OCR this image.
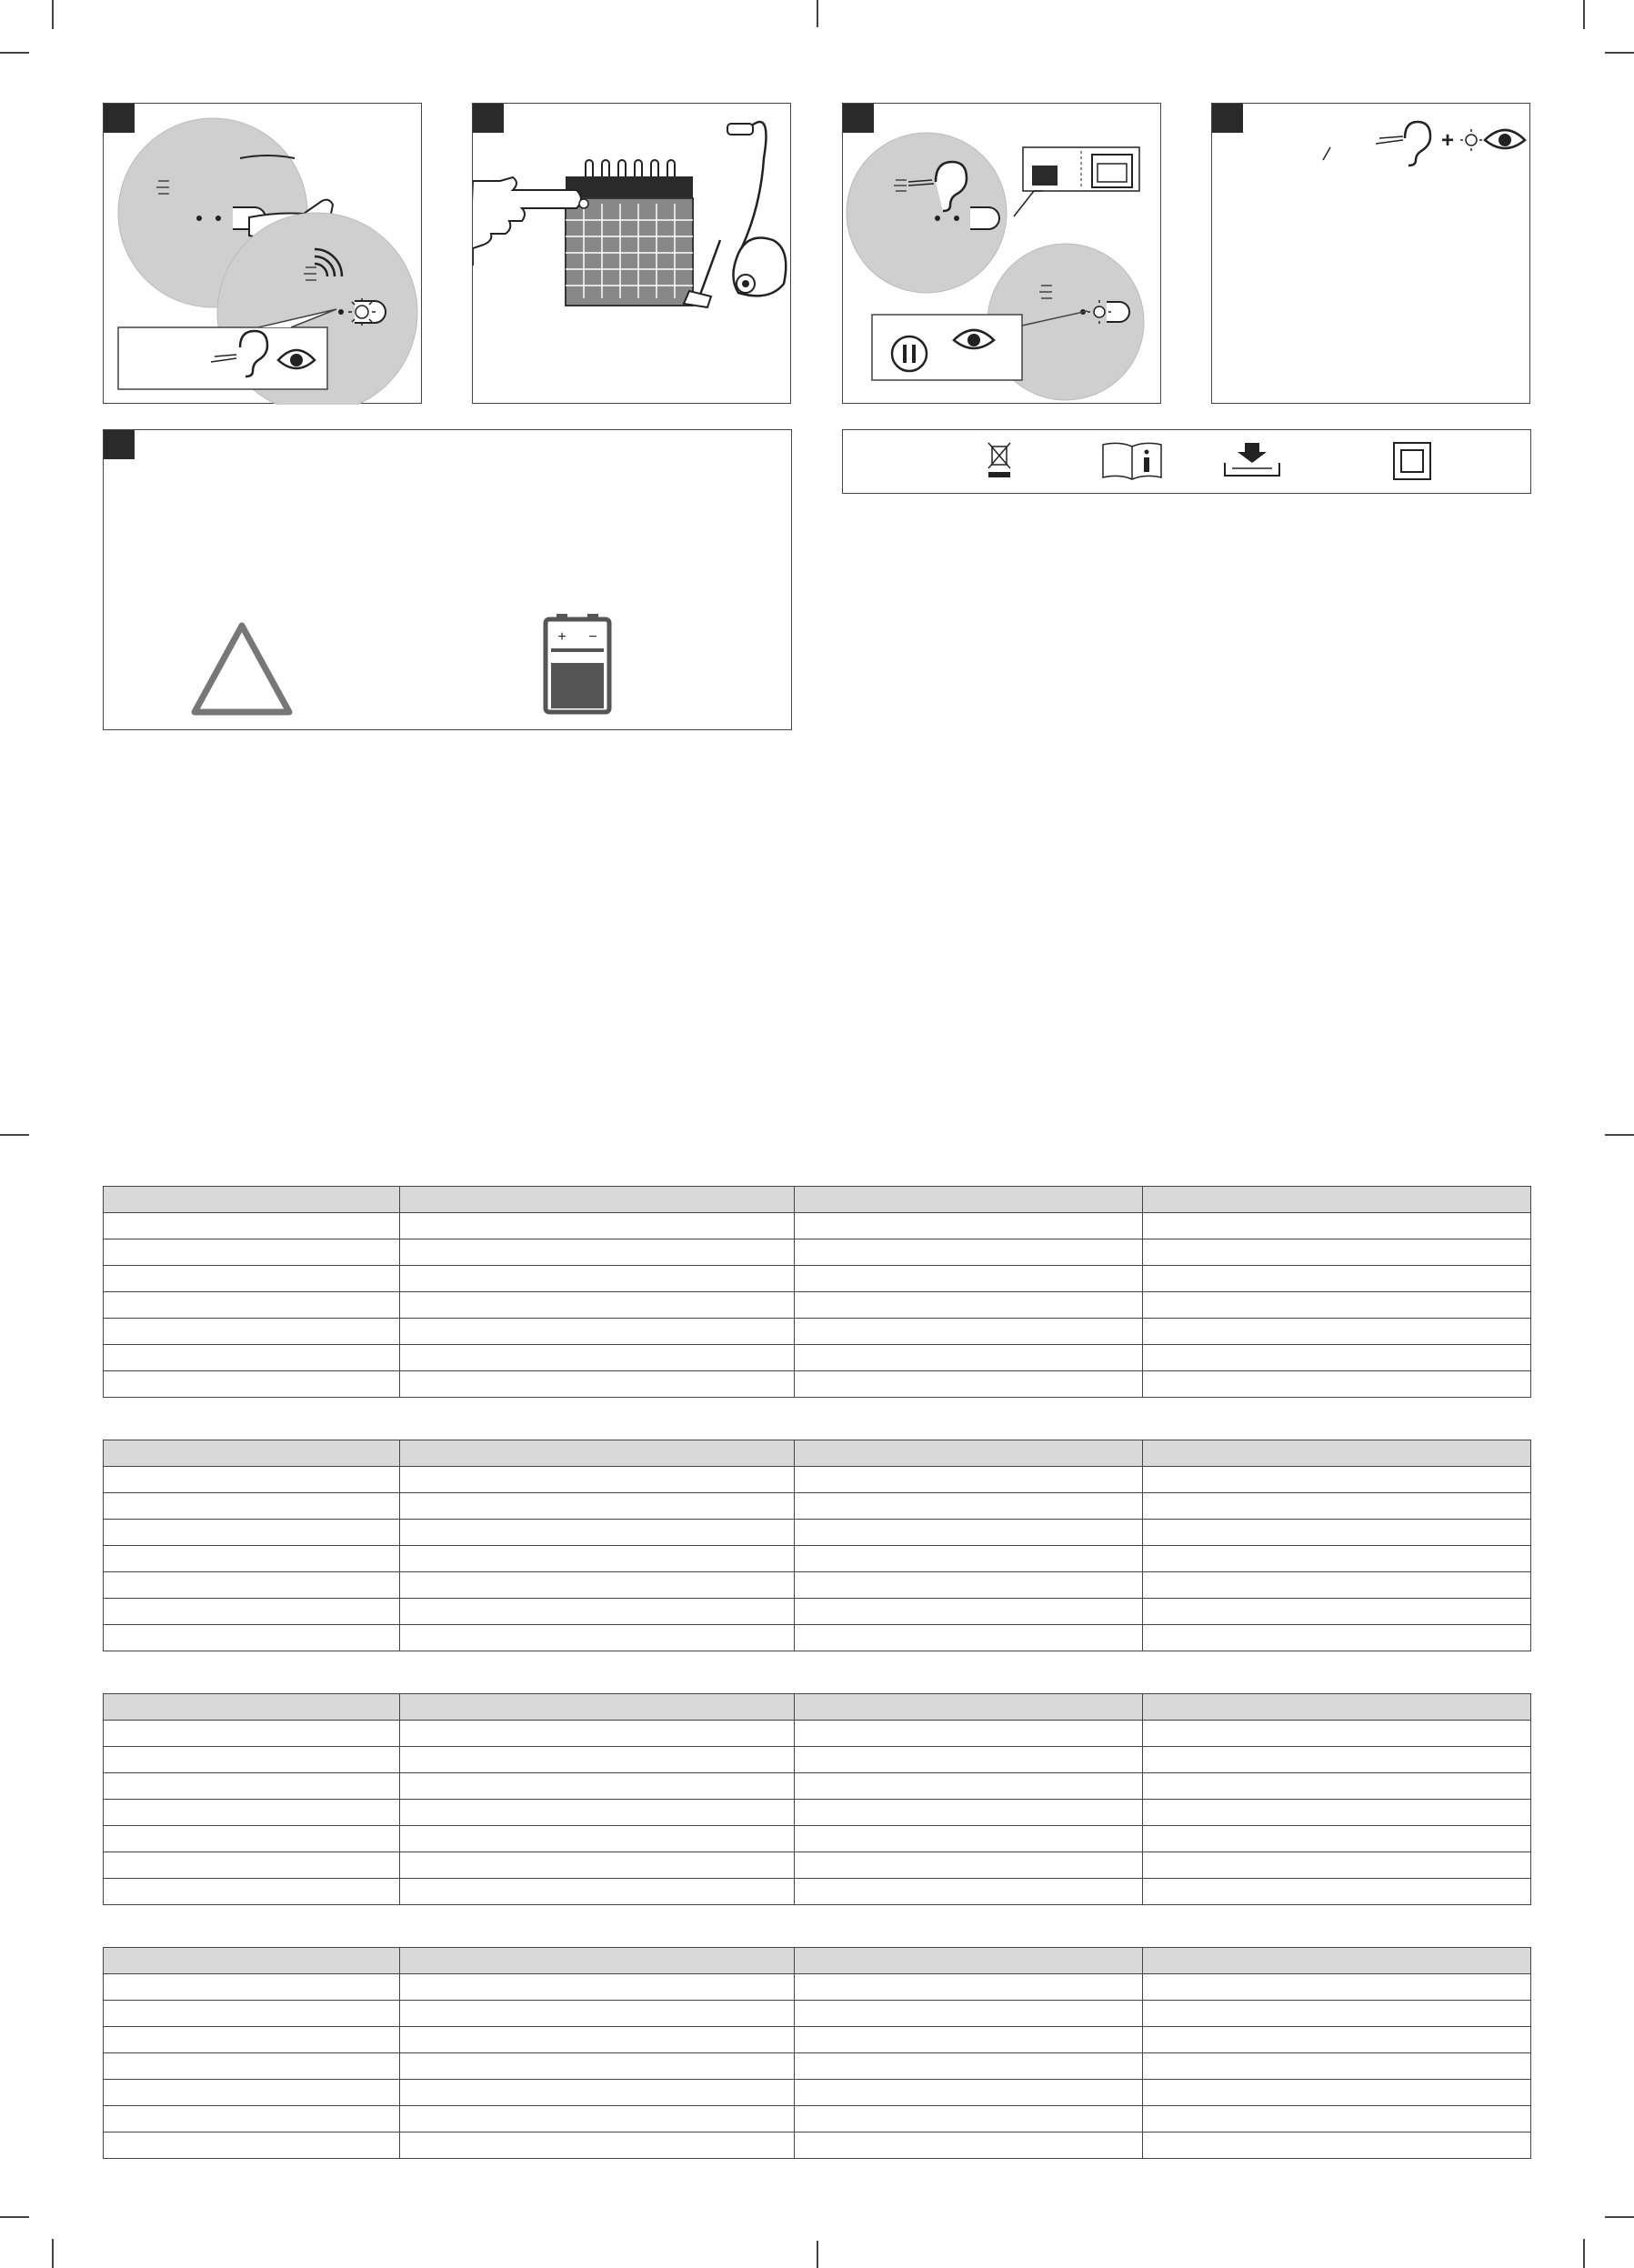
+
+ −
